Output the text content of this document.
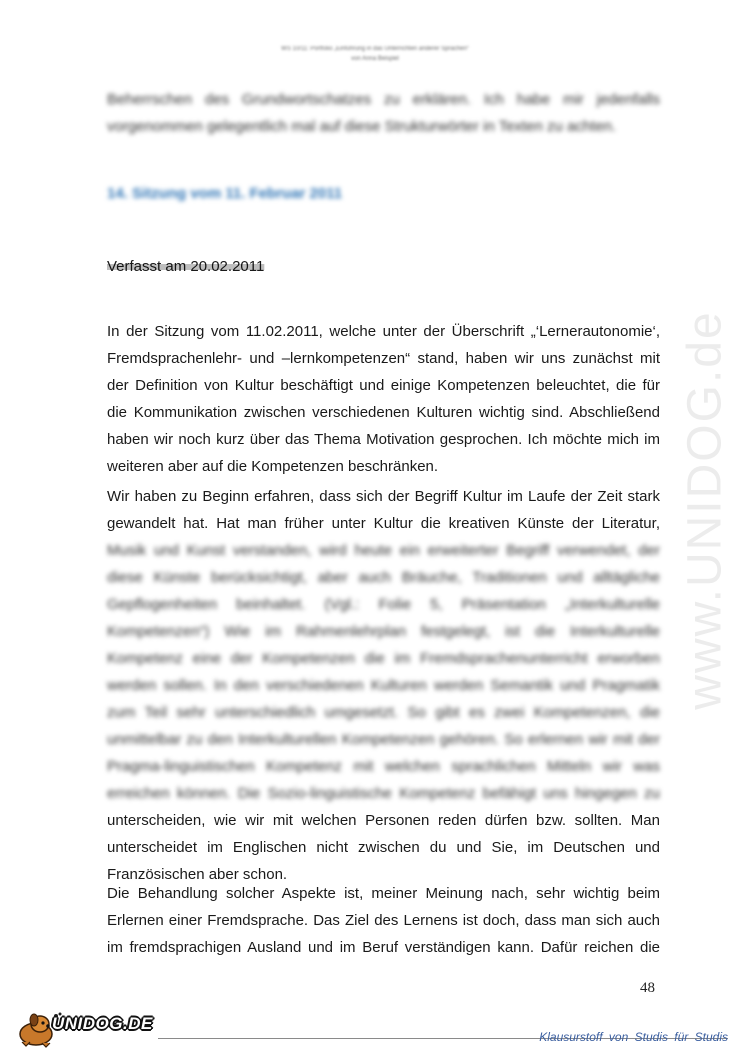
www.UNIDOG.de
WS 10/11: Portfolio „Einführung in das Unterrichten anderer Sprachen“
von Anna Beispiel
Beherrschen des Grundwortschatzes zu erklären. Ich habe mir jedenfalls
vorgenommen gelegentlich mal auf diese Strukturwörter in Texten zu achten.
14. Sitzung vom 11. Februar 2011
Verfasst am 20.02.2011
In der Sitzung vom 11.02.2011, welche unter der Überschrift „‘Lernerautonomie‘,
Fremdsprachenlehr- und –lernkompetenzen“ stand, haben wir uns zunächst mit
der Definition von Kultur beschäftigt und einige Kompetenzen beleuchtet, die für
die Kommunikation zwischen verschiedenen Kulturen wichtig sind. Abschließend
haben wir noch kurz über das Thema Motivation gesprochen. Ich möchte mich im
weiteren aber auf die Kompetenzen beschränken.
Wir haben zu Beginn erfahren, dass sich der Begriff Kultur im Laufe der Zeit stark
gewandelt hat. Hat man früher unter Kultur die kreativen Künste der Literatur,
Musik und Kunst verstanden, wird heute ein erweiterter Begriff verwendet, der
diese Künste berücksichtigt, aber auch Bräuche, Traditionen und alltägliche
Gepflogenheiten beinhaltet. (Vgl.: Folie 5, Präsentation „Interkulturelle
Kompetenzen“) Wie im Rahmenlehrplan festgelegt, ist die Interkulturelle
Kompetenz eine der Kompetenzen die im Fremdsprachenunterricht erworben
werden sollen. In den verschiedenen Kulturen werden Semantik und Pragmatik
zum Teil sehr unterschiedlich umgesetzt. So gibt es zwei Kompetenzen, die
unmittelbar zu den Interkulturellen Kompetenzen gehören. So erlernen wir mit der
Pragma-linguistischen Kompetenz mit welchen sprachlichen Mitteln wir was
erreichen können. Die Sozio-linguistische Kompetenz befähigt uns hingegen zu
unterscheiden, wie wir mit welchen Personen reden dürfen bzw. sollten. Man
unterscheidet im Englischen nicht zwischen du und Sie, im Deutschen und
Französischen aber schon.
Die Behandlung solcher Aspekte ist, meiner Meinung nach, sehr wichtig beim
Erlernen einer Fremdsprache. Das Ziel des Lernens ist doch, dass man sich auch
im fremdsprachigen Ausland und im Beruf verständigen kann. Dafür reichen die
48
UNIDOG.DE
Klausurstoff von Studis für Studis
